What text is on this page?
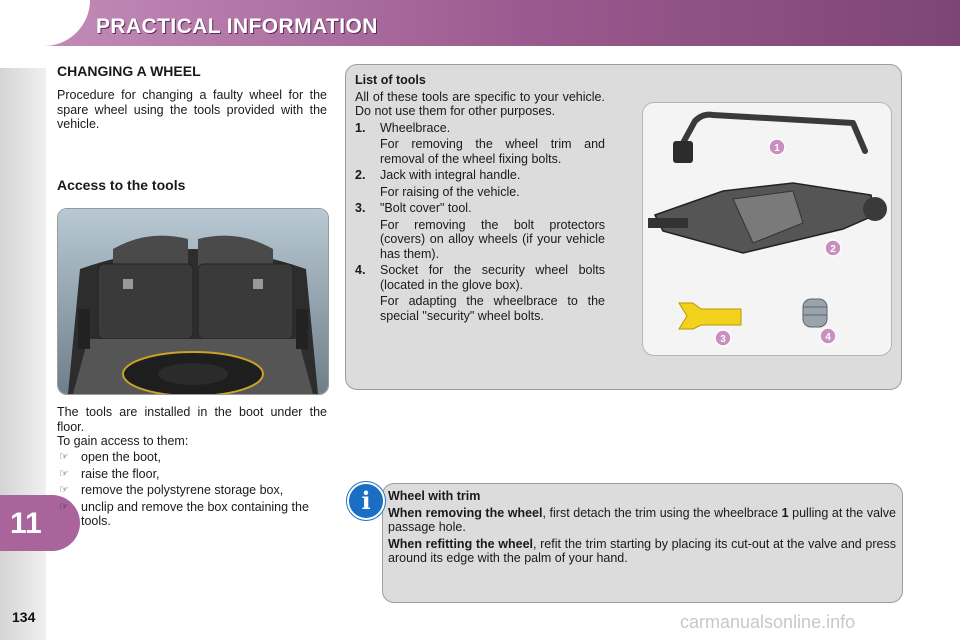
PRACTICAL INFORMATION
11
134
CHANGING A WHEEL
Procedure for changing a faulty wheel for the spare wheel using the tools provided with the vehicle.
Access to the tools
The tools are installed in the boot under the floor.
To gain access to them:
☞ open the boot,
☞ raise the floor,
☞ remove the polystyrene storage box,
☞ unclip and remove the box containing the tools.
List of tools
All of these tools are specific to your vehicle. Do not use them for other purposes.
1.	Wheelbrace.
For removing the wheel trim and removal of the wheel fixing bolts.
2.	Jack with integral handle.
For raising of the vehicle.
3.	"Bolt cover" tool.
For removing the bolt protectors (covers) on alloy wheels (if your vehicle has them).
4.	Socket for the security wheel bolts (located in the glove box).
For adapting the wheelbrace to the special "security" wheel bolts.
1
2
3	4
i	Wheel with trim

When removing the wheel, first detach the trim using the wheelbrace 1 pulling at the valve passage hole.

When refitting the wheel, refit the trim starting by placing its cut-out at the valve and press around its edge with the palm of your hand.

carmanualsonline.info
